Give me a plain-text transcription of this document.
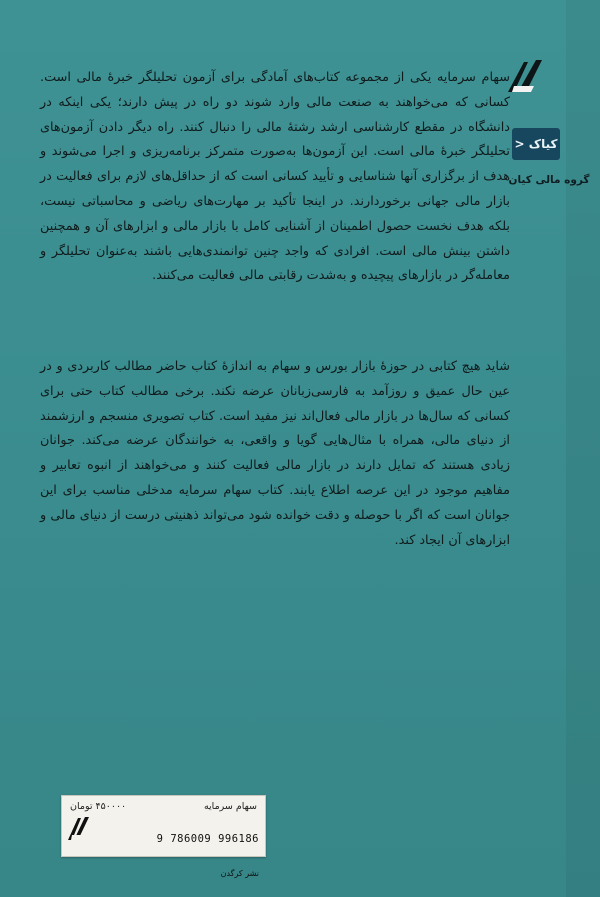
کیاک <
گروه مالی کیان
سهام سرمایه یکی از مجموعه کتاب‌های آمادگی برای آزمون تحلیلگر خبرهٔ مالی است. کسانی که می‌خواهند به صنعت مالی وارد شوند دو راه در پیش دارند؛ یکی اینکه در دانشگاه در مقطع کارشناسی ارشد رشتهٔ مالی را دنبال کنند. راه دیگر دادن آزمون‌های تحلیلگر خبرهٔ مالی است. این آزمون‌ها به‌صورت متمرکز برنامه‌ریزی و اجرا می‌شوند و هدف از برگزاری آنها شناسایی و تأیید کسانی است که از حداقل‌های لازم برای فعالیت در بازار مالی جهانی برخوردارند. در اینجا تأکید بر مهارت‌های ریاضی و محاسباتی نیست، بلکه هدف نخست حصول اطمینان از آشنایی کامل با بازار مالی و ابزارهای آن و همچنین داشتن بینش مالی است. افرادی که واجد چنین توانمندی‌هایی باشند به‌عنوان تحلیلگر و معامله‌گر در بازارهای پیچیده و به‌شدت رقابتی مالی فعالیت می‌کنند.
شاید هیچ کتابی در حوزهٔ بازار بورس و سهام به اندازهٔ کتاب حاضر مطالب کاربردی و در عین حال عمیق و روزآمد به فارسی‌زبانان عرضه نکند. برخی مطالب کتاب حتی برای کسانی که سال‌ها در بازار مالی فعال‌اند نیز مفید است. کتاب تصویری منسجم و ارزشمند از دنیای مالی، همراه با مثال‌هایی گویا و واقعی، به خوانندگان عرضه می‌کند. جوانان زیادی هستند که تمایل دارند در بازار مالی فعالیت کنند و می‌خواهند از انبوه تعابیر و مفاهیم موجود در این عرصه اطلاع یابند. کتاب سهام سرمایه مدخلی مناسب برای این جوانان است که اگر با حوصله و دقت خوانده شود می‌تواند ذهنیتی درست از دنیای مالی و ابزارهای آن ایجاد کند.
سهام سرمایه
۴۵۰۰۰۰ تومان
9 786009 996186
نشر کرگدن
